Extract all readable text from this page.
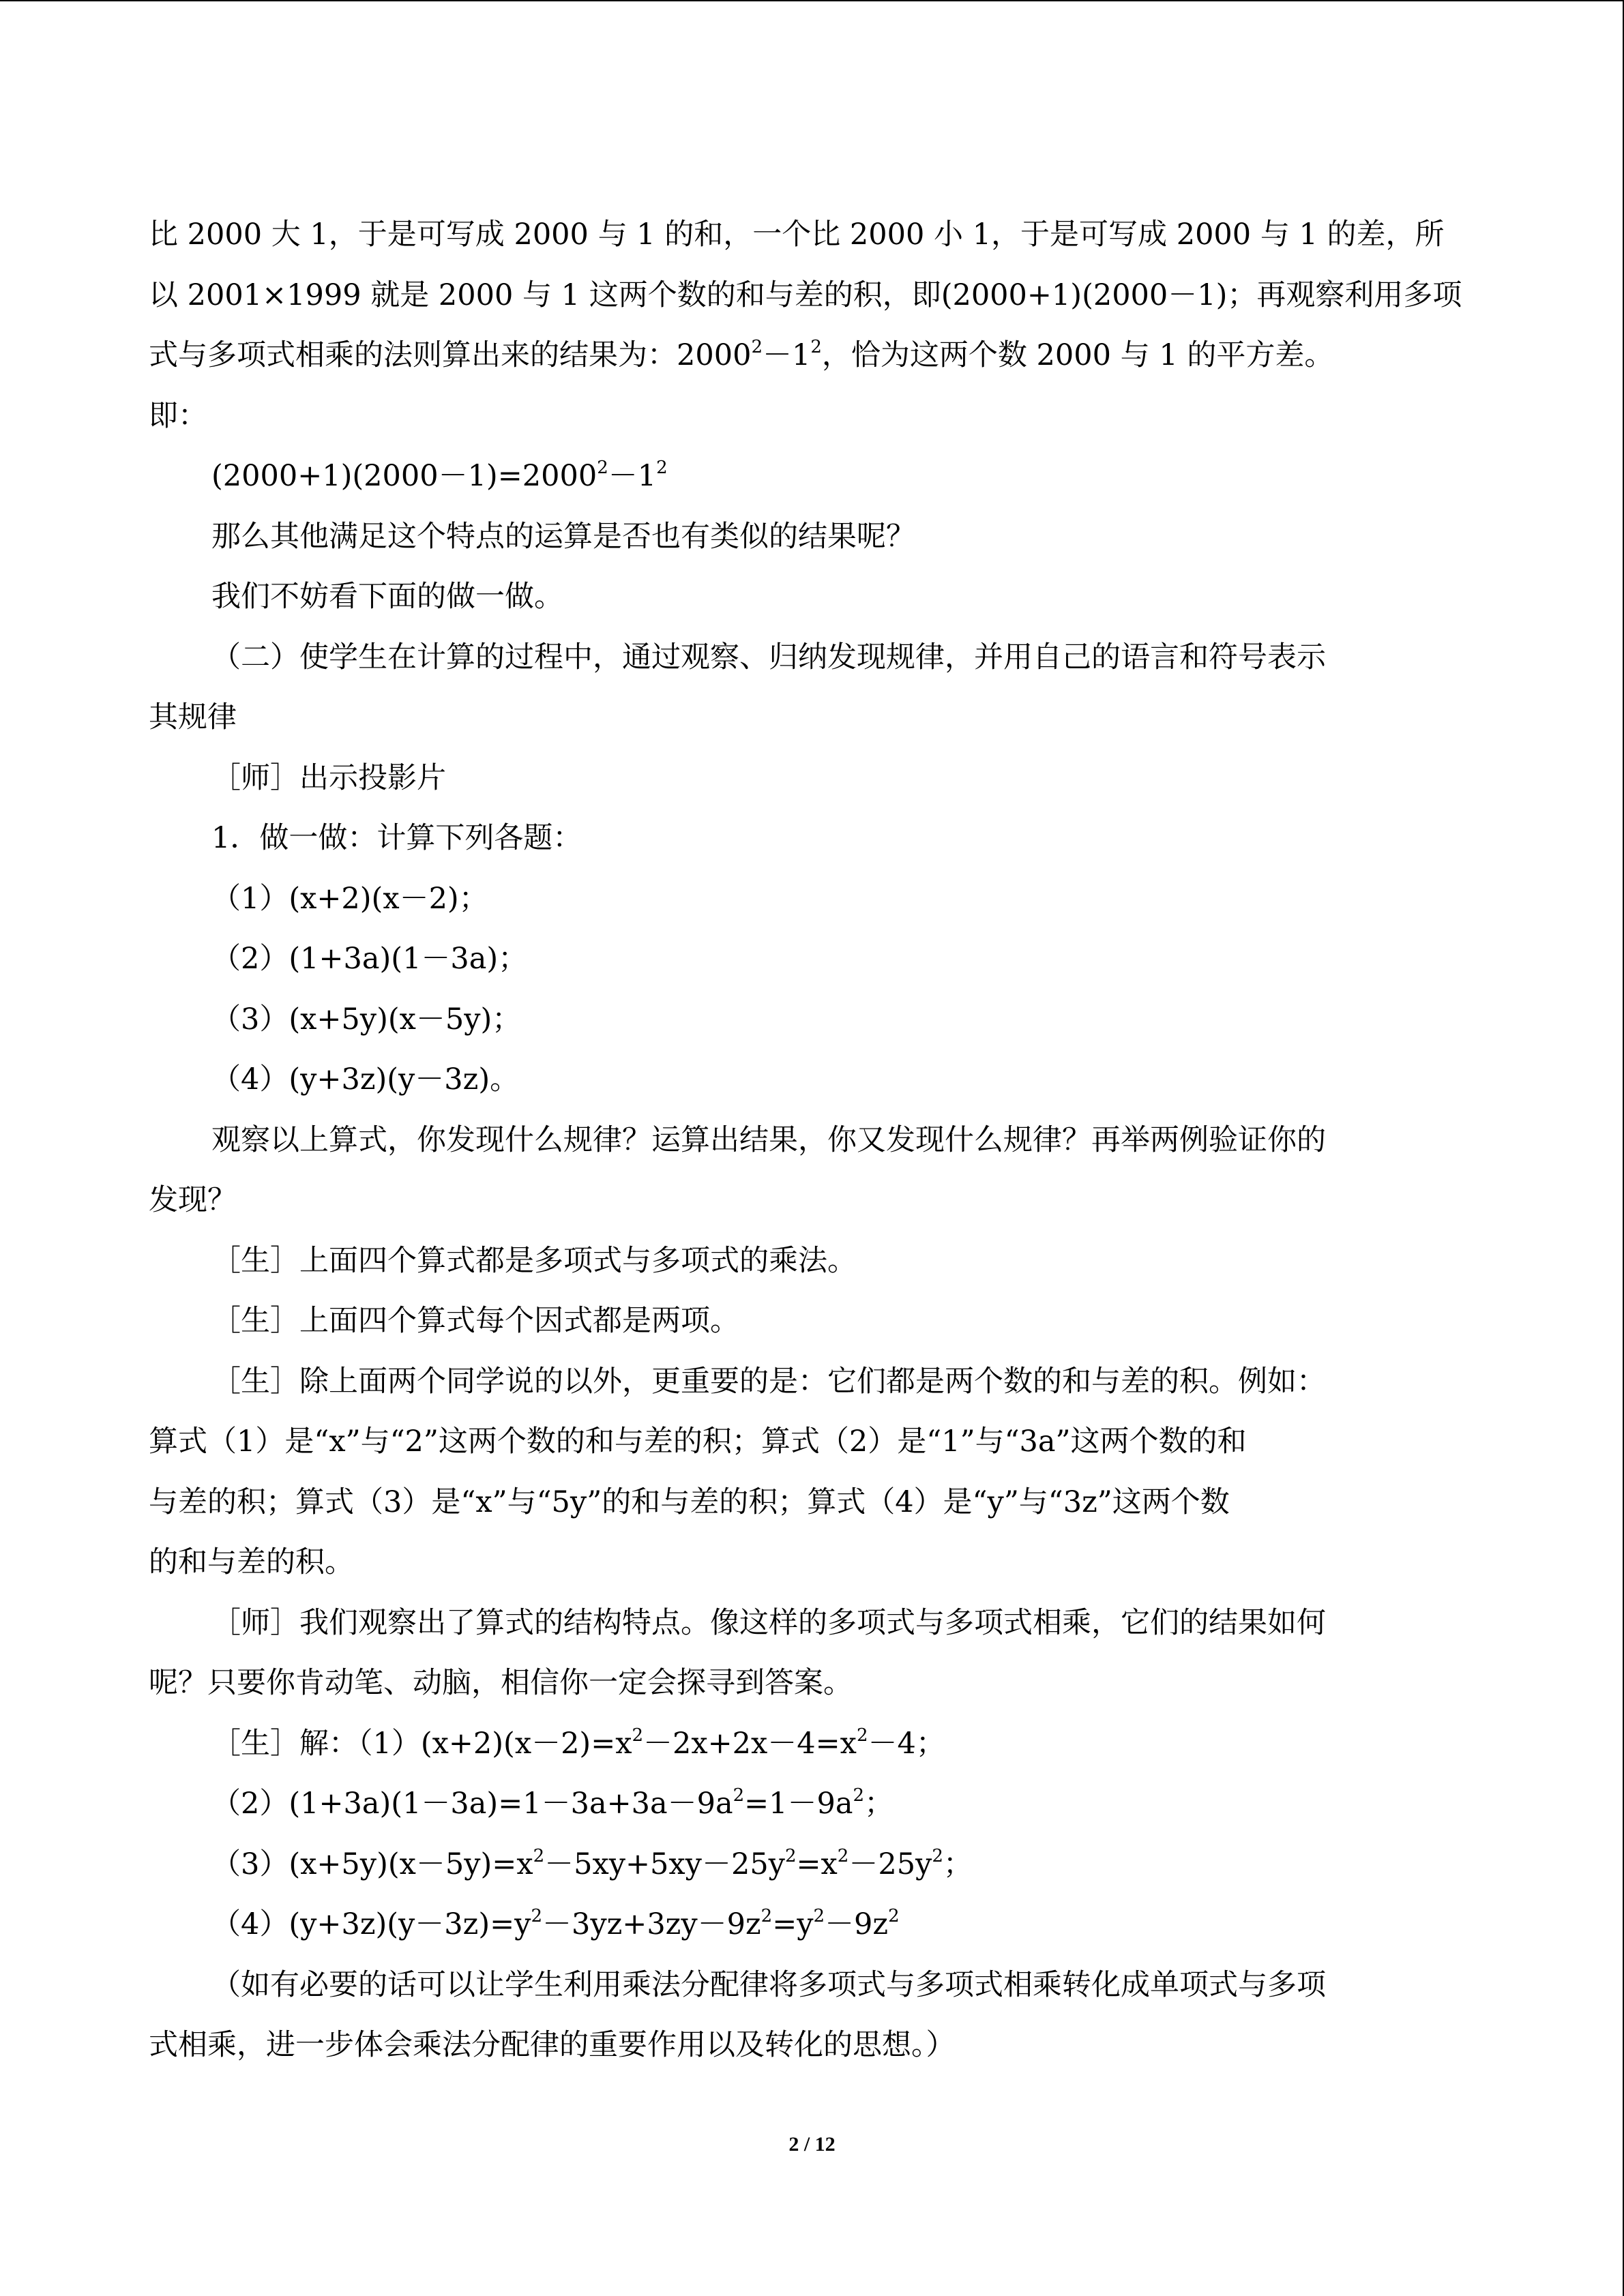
比 2000 大 1，于是可写成 2000 与 1 的和，一个比 2000 小 1，于是可写成 2000 与 1 的差，所
以 2001×1999 就是 2000 与 1 这两个数的和与差的积，即(2000+1)(2000－1)；再观察利用多项
式与多项式相乘的法则算出来的结果为：$2000^2-1^2$，恰为这两个数 2000 与 1 的平方差。
即：
$(2000+1)(2000-1)=2000^2-1^2$
那么其他满足这个特点的运算是否也有类似的结果呢？
我们不妨看下面的做一做。
（二）使学生在计算的过程中，通过观察、归纳发现规律，并用自己的语言和符号表示
其规律
［师］出示投影片
1．做一做：计算下列各题：
（1）(x+2)(x－2)；
（2）(1+3a)(1－3a)；
（3）(x+5y)(x－5y)；
（4）(y+3z)(y－3z)。
观察以上算式，你发现什么规律？运算出结果，你又发现什么规律？再举两例验证你的
发现？
［生］上面四个算式都是多项式与多项式的乘法。
［生］上面四个算式每个因式都是两项。
［生］除上面两个同学说的以外，更重要的是：它们都是两个数的和与差的积。例如：
算式（1）是“x”与“2”这两个数的和与差的积；算式（2）是“1”与“3a”这两个数的和
与差的积；算式（3）是“x”与“5y”的和与差的积；算式（4）是“y”与“3z”这两个数
的和与差的积。
［师］我们观察出了算式的结构特点。像这样的多项式与多项式相乘，它们的结果如何
呢？只要你肯动笔、动脑，相信你一定会探寻到答案。
［生］解：$(1)(x+2)(x-2)=x^2-2x+2x-4=x^2-4$；
$(2)(1+3a)(1-3a)=1-3a+3a-9a^2=1-9a^2$；
$(3)(x+5y)(x-5y)=x^2-5xy+5xy-25y^2=x^2-25y^2$；
$(4)(y+3z)(y-3z)=y^2-3yz+3zy-9z^2=y^2-9z^2$
（如有必要的话可以让学生利用乘法分配律将多项式与多项式相乘转化成单项式与多项
式相乘，进一步体会乘法分配律的重要作用以及转化的思想。）
2 / 12
